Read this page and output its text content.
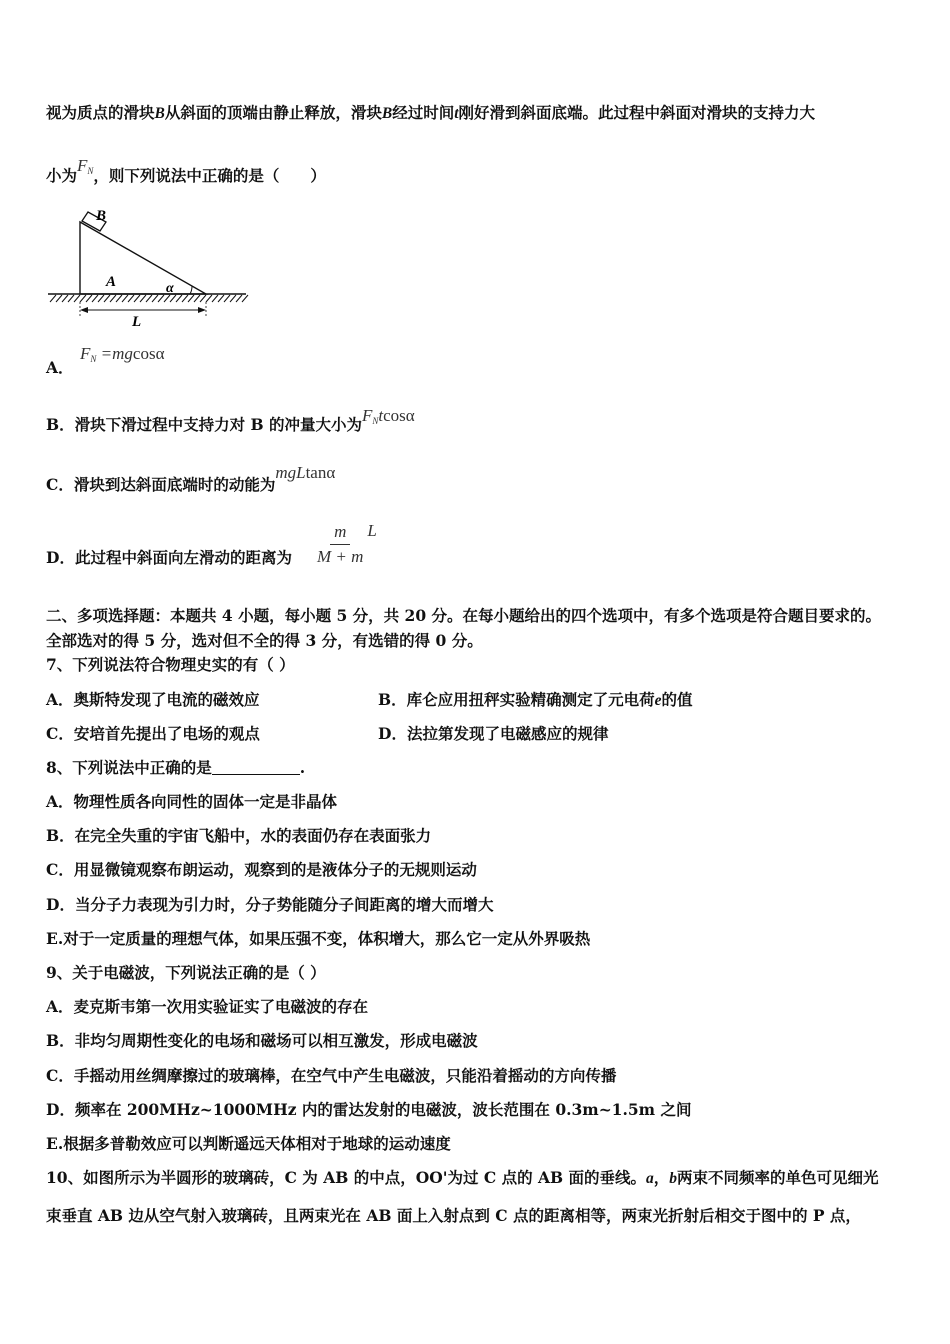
视为质点的滑块B从斜面的顶端由静止释放，滑块B经过时间t刚好滑到斜面底端。此过程中斜面对滑块的支持力大
小为$F_N$，则下列说法中正确的是（　　）
B
A	α
L
A．
$F_N =mgcos\alpha$
B．滑块下滑过程中支持力对 B 的冲量大小为$F_Ntcos\alpha$
C．滑块到达斜面底端时的动能为mgLtanα
D．此过程中斜面向左滑动的距离为 $\frac{m}{M + m}$ L
二、多项选择题：本题共 4 小题，每小题 5 分，共 20 分。在每小题给出的四个选项中，有多个选项是符合题目要求的。
全部选对的得 5 分，选对但不全的得 3 分，有选错的得 0 分。
7、下列说法符合物理史实的有（ ）
A．奥斯特发现了电流的磁效应	B．库仑应用扭秤实验精确测定了元电荷e的值
C．安培首先提出了电场的观点	D．法拉第发现了电磁感应的规律
8、下列说法中正确的是	.
A．物理性质各向同性的固体一定是非晶体
B．在完全失重的宇宙飞船中，水的表面仍存在表面张力
C．用显微镜观察布朗运动，观察到的是液体分子的无规则运动
D．当分子力表现为引力时，分子势能随分子间距离的增大而增大
E.对于一定质量的理想气体，如果压强不变，体积增大，那么它一定从外界吸热
9、关于电磁波，下列说法正确的是（ ）
A．麦克斯韦第一次用实验证实了电磁波的存在
B．非均匀周期性变化的电场和磁场可以相互激发，形成电磁波
C．手摇动用丝绸摩擦过的玻璃棒，在空气中产生电磁波，只能沿着摇动的方向传播
D．频率在 200MHz~1000MHz 内的雷达发射的电磁波，波长范围在 0.3m~1.5m 之间
E.根据多普勒效应可以判断遥远天体相对于地球的运动速度
10、如图所示为半圆形的玻璃砖，C 为 AB 的中点，OO'为过 C 点的 AB 面的垂线。a，b两束不同频率的单色可见细光
束垂直 AB 边从空气射入玻璃砖，且两束光在 AB 面上入射点到 C 点的距离相等，两束光折射后相交于图中的 P 点，
